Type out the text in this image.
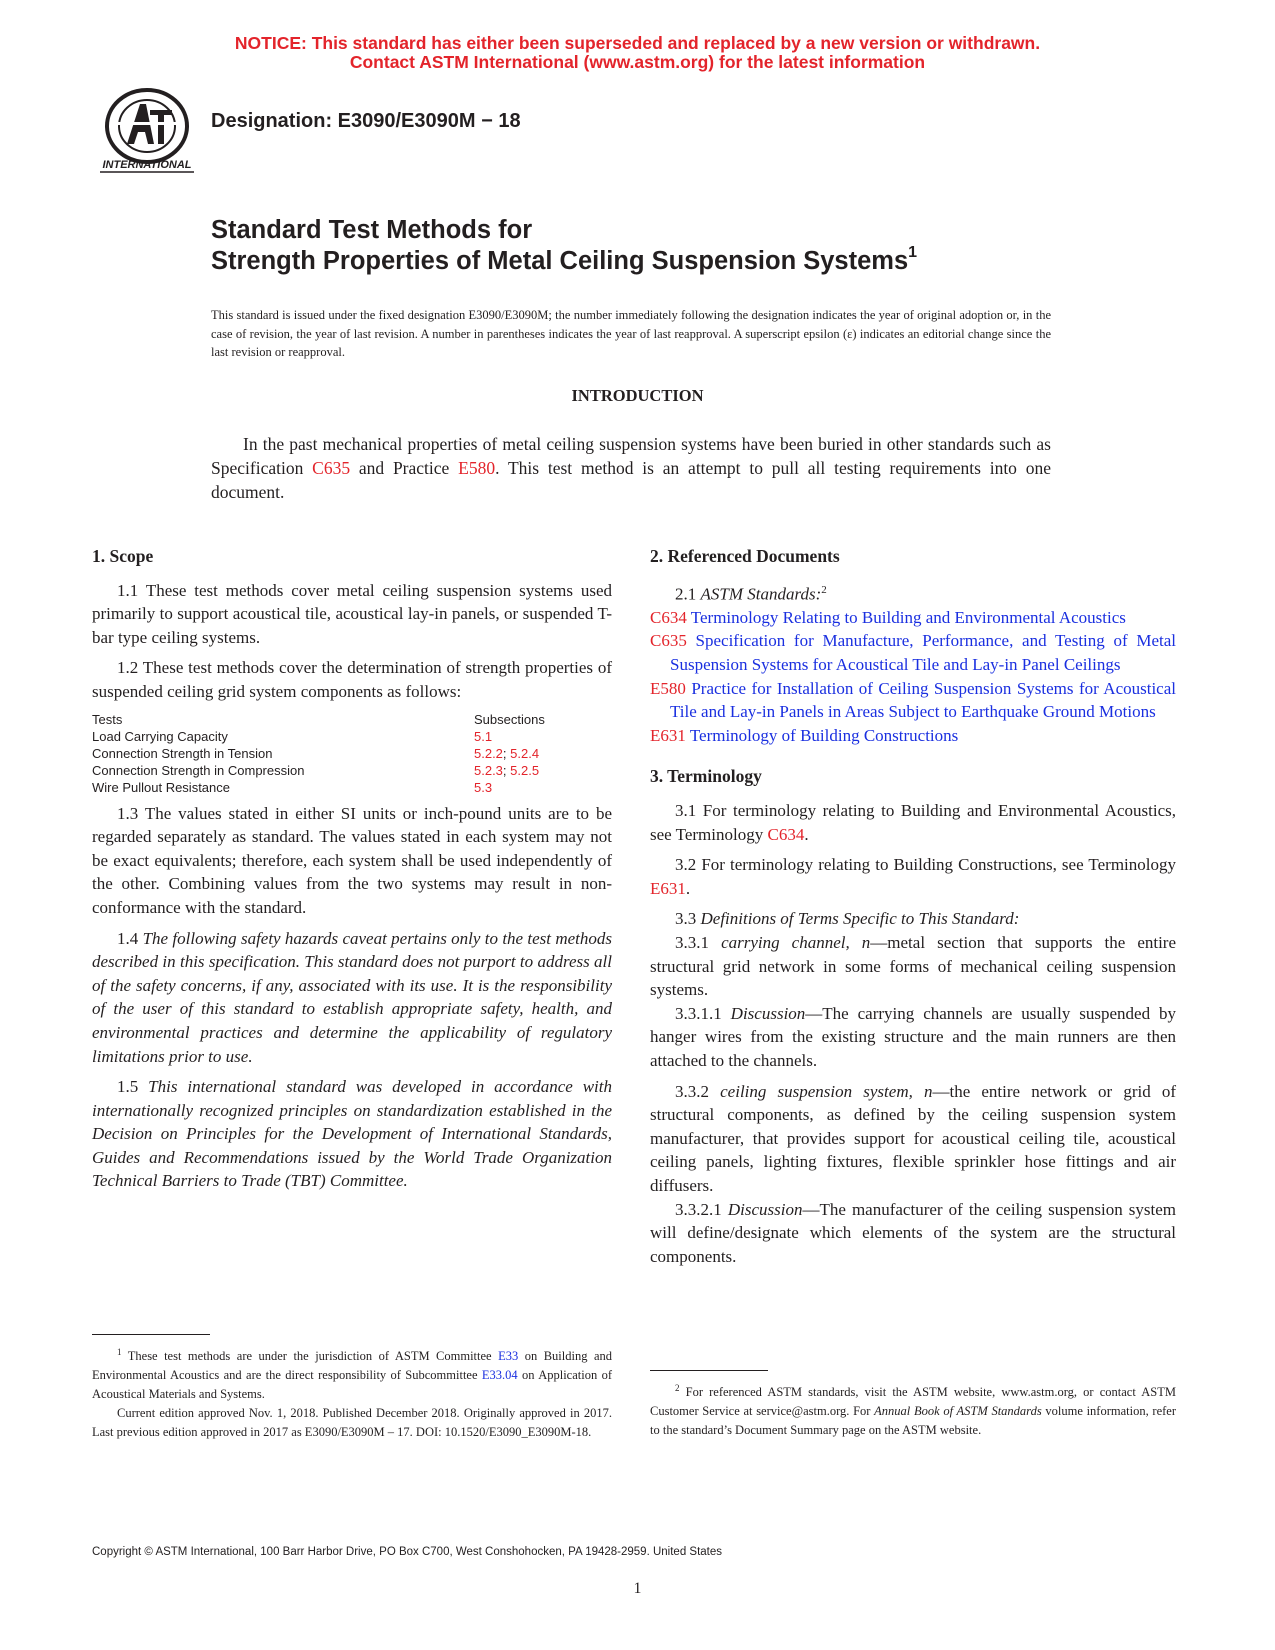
NOTICE: This standard has either been superseded and replaced by a new version or withdrawn.
Contact ASTM International (www.astm.org) for the latest information
INTERNATIONAL
Designation: E3090/E3090M − 18
Standard Test Methods for
Strength Properties of Metal Ceiling Suspension Systems$^1$
This standard is issued under the fixed designation E3090/E3090M; the number immediately following the designation indicates the year of original adoption or, in the case of revision, the year of last revision. A number in parentheses indicates the year of last reapproval. A superscript epsilon (ε) indicates an editorial change since the last revision or reapproval.
INTRODUCTION
In the past mechanical properties of metal ceiling suspension systems have been buried in other standards such as Specification C635 and Practice E580. This test method is an attempt to pull all testing requirements into one document.
1. Scope
1.1 These test methods cover metal ceiling suspension systems used primarily to support acoustical tile, acoustical lay-in panels, or suspended T-bar type ceiling systems.
1.2 These test methods cover the determination of strength properties of suspended ceiling grid system components as follows:
Tests	Subsections
Load Carrying Capacity	5.1
Connection Strength in Tension	5.2.2; 5.2.4
Connection Strength in Compression	5.2.3; 5.2.5
Wire Pullout Resistance	5.3
1.3 The values stated in either SI units or inch-pound units are to be regarded separately as standard. The values stated in each system may not be exact equivalents; therefore, each system shall be used independently of the other. Combining values from the two systems may result in non-conformance with the standard.
1.4 The following safety hazards caveat pertains only to the test methods described in this specification. This standard does not purport to address all of the safety concerns, if any, associated with its use. It is the responsibility of the user of this standard to establish appropriate safety, health, and environmental practices and determine the applicability of regulatory limitations prior to use.
1.5 This international standard was developed in accordance with internationally recognized principles on standardization established in the Decision on Principles for the Development of International Standards, Guides and Recommendations issued by the World Trade Organization Technical Barriers to Trade (TBT) Committee.
2. Referenced Documents
2.1 ASTM Standards:$^2$
C634 Terminology Relating to Building and Environmental Acoustics
C635 Specification for Manufacture, Performance, and Testing of Metal Suspension Systems for Acoustical Tile and Lay-in Panel Ceilings
E580 Practice for Installation of Ceiling Suspension Systems for Acoustical Tile and Lay-in Panels in Areas Subject to Earthquake Ground Motions
E631 Terminology of Building Constructions
3. Terminology
3.1 For terminology relating to Building and Environmental Acoustics, see Terminology C634.
3.2 For terminology relating to Building Constructions, see Terminology E631.
3.3 Definitions of Terms Specific to This Standard:
3.3.1 carrying channel, n—metal section that supports the entire structural grid network in some forms of mechanical ceiling suspension systems.
3.3.1.1 Discussion—The carrying channels are usually suspended by hanger wires from the existing structure and the main runners are then attached to the channels.
3.3.2 ceiling suspension system, n—the entire network or grid of structural components, as defined by the ceiling suspension system manufacturer, that provides support for acoustical ceiling tile, acoustical ceiling panels, lighting fixtures, flexible sprinkler hose fittings and air diffusers.
3.3.2.1 Discussion—The manufacturer of the ceiling suspension system will define/designate which elements of the system are the structural components.
$^1$ These test methods are under the jurisdiction of ASTM Committee E33 on Building and Environmental Acoustics and are the direct responsibility of Subcommittee E33.04 on Application of Acoustical Materials and Systems.
Current edition approved Nov. 1, 2018. Published December 2018. Originally approved in 2017. Last previous edition approved in 2017 as E3090/E3090M – 17. DOI: 10.1520/E3090_E3090M-18.
$^2$ For referenced ASTM standards, visit the ASTM website, www.astm.org, or contact ASTM Customer Service at service@astm.org. For Annual Book of ASTM Standards volume information, refer to the standard’s Document Summary page on the ASTM website.
Copyright © ASTM International, 100 Barr Harbor Drive, PO Box C700, West Conshohocken, PA 19428-2959. United States
1
